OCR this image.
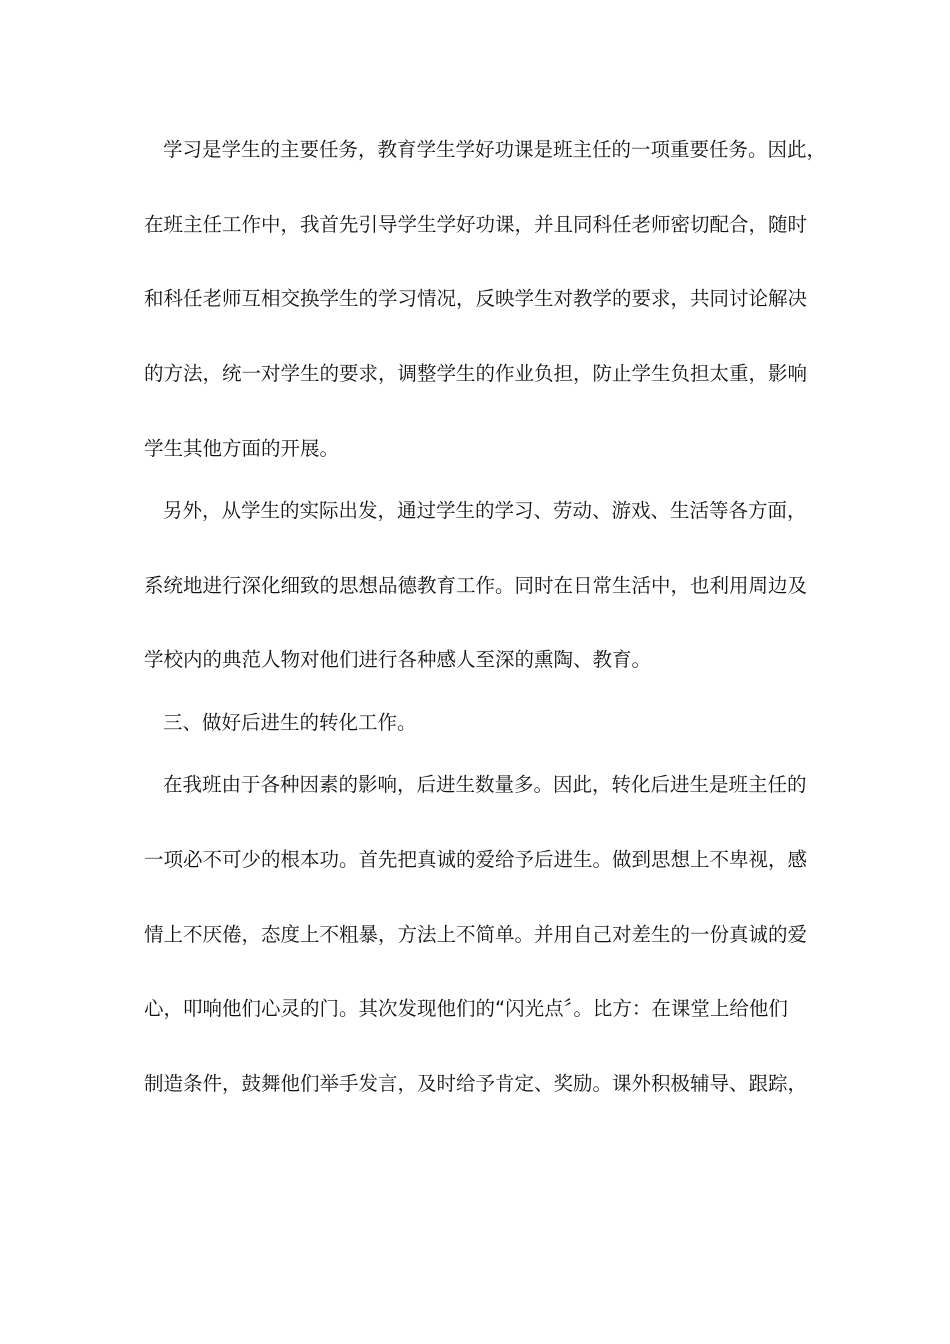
学习是学生的主要任务，教育学生学好功课是班主任的一项重要任务。因此，

在班主任工作中，我首先引导学生学好功课，并且同科任老师密切配合，随时

和科任老师互相交换学生的学习情况，反映学生对教学的要求，共同讨论解决

的方法，统一对学生的要求，调整学生的作业负担，防止学生负担太重，影响

学生其他方面的开展。

另外，从学生的实际出发，通过学生的学习、劳动、游戏、生活等各方面，

系统地进行深化细致的思想品德教育工作。同时在日常生活中，也利用周边及

学校内的典范人物对他们进行各种感人至深的熏陶、教育。

三、做好后进生的转化工作。

在我班由于各种因素的影响，后进生数量多。因此，转化后进生是班主任的

一项必不可少的根本功。首先把真诚的爱给予后进生。做到思想上不卑视，感

情上不厌倦，态度上不粗暴，方法上不简单。并用自己对差生的一份真诚的爱

心，叩响他们心灵的门。其次发现他们的“闪光点〞。比方：在课堂上给他们

制造条件，鼓舞他们举手发言，及时给予肯定、奖励。课外积极辅导、跟踪，
